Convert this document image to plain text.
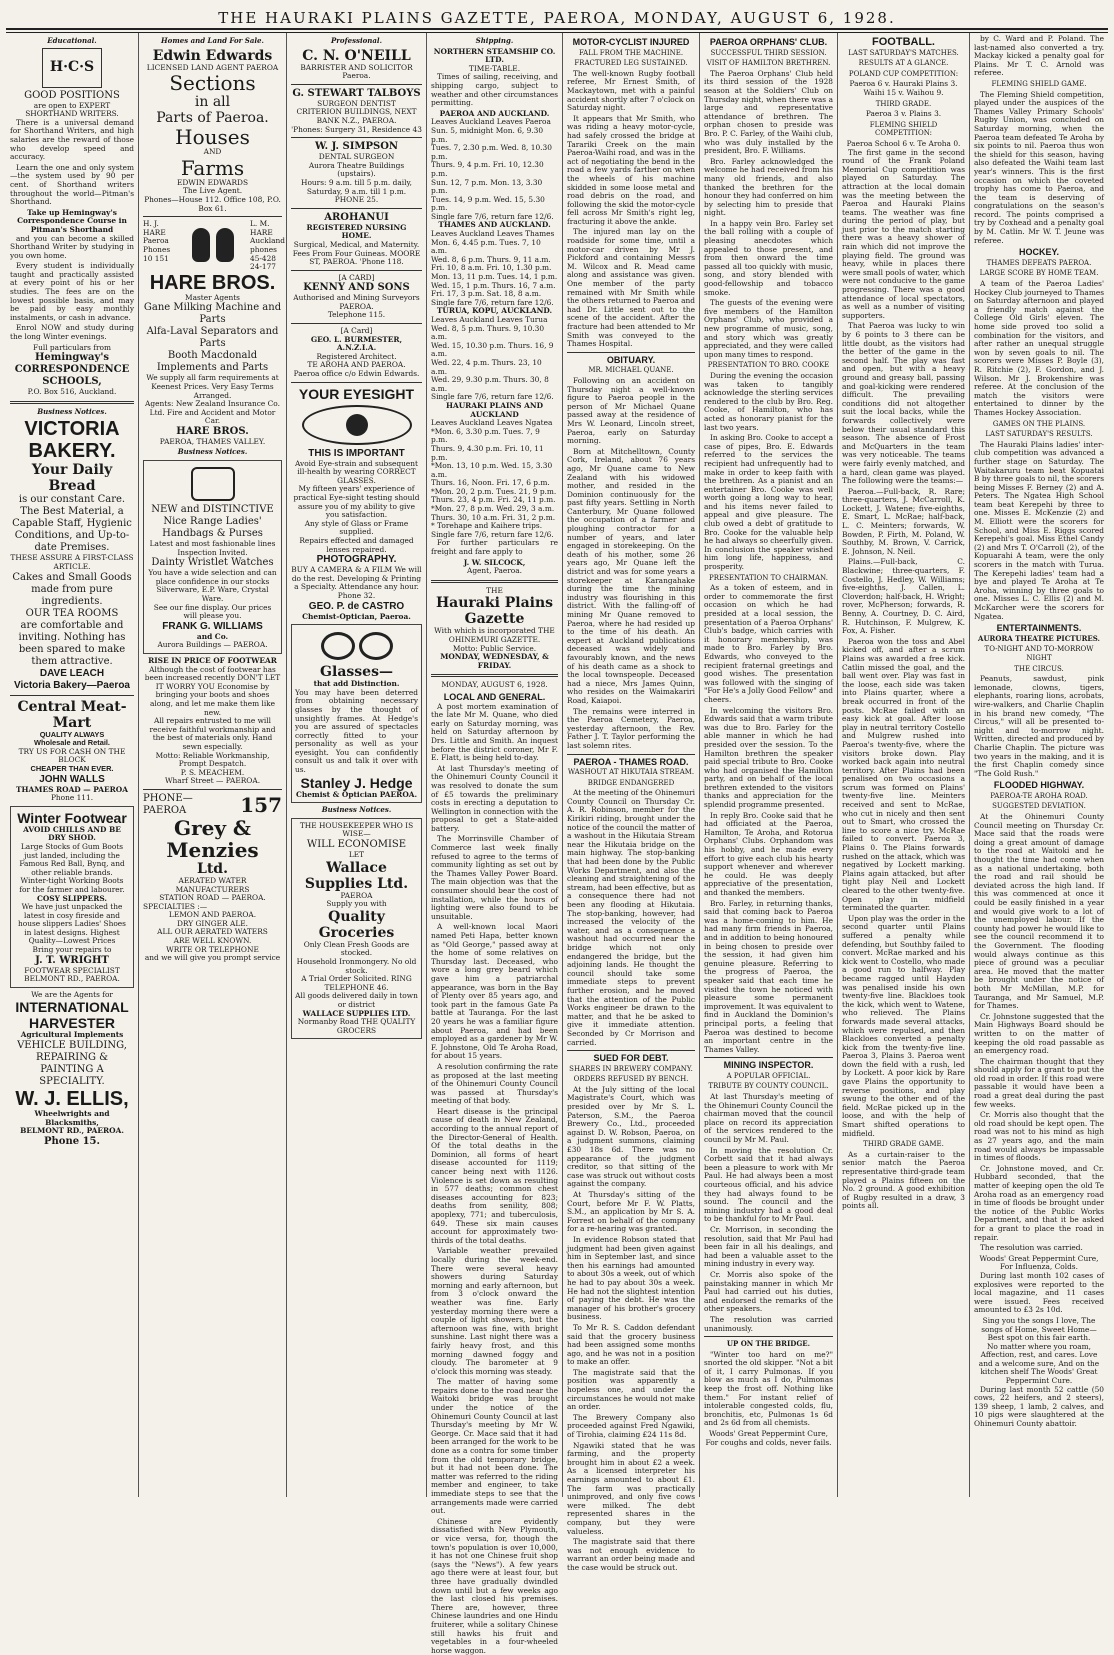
THE HAURAKI PLAINS GAZETTE, PAEROA, MONDAY, AUGUST 6, 1928.
Educational.
H·C·S
GOOD POSITIONS
are open to EXPERT SHORTHAND WRITERS.

There is a universal demand for Shorthand Writers, and high salaries are the reward of those who develop speed and accuracy.

Learn the one and only system—the system used by 90 per cent. of Shorthand writers throughout the world—Pitman's Shorthand.

Take up Hemingway's Correspondence Course in Pitman's Shorthand

and you can become a skilled Shorthand Writer by studying in you own home.

Every student is individually taught and practically assisted at every point of his or her studies. The fees are on the lowest possible basis, and may be paid by easy monthly instalments, or cash in advance.

Enrol NOW and study during the long Winter evenings.

Full particulars from
Hemingway's CORRESPONDENCE SCHOOLS,
P.O. Box 516, Auckland.
Business Notices.
VICTORIA BAKERY.
Your Daily Bread
is our constant Care.
The Best Material, a Capable Staff, Hygienic Conditions, and Up-to-date Premises.
THESE ASSURE A FIRST-CLASS ARTICLE.
Cakes and Small Goods made from pure ingredients.
OUR TEA ROOMS
are comfortable and inviting. Nothing has been spared to make them attractive.
DAVE LEACH
Victoria Bakery—Paeroa
Central Meat-Mart
QUALITY ALWAYS
Wholesale and Retail.
TRY US FOR CASH ON THE BLOCK
CHEAPER THAN EVER.
JOHN WALLS
THAMES ROAD — PAEROA
Phone 111.
Winter Footwear
AVOID CHILLS AND BE DRY SHOD.
Large Stocks of Gum Boots just landed, including the Famous Red Ball, Bynq, and other reliable brands.
Winter-tight Working Boots for the farmer and labourer.
COSY SLIPPERS.
We have just unpacked the latest in cosy fireside and house slippers Ladies' Shoes in latest designs. Highest Quality—Lowest Prices
Bring your repairs to
J. T. WRIGHT
FOOTWEAR SPECIALIST BELMONT RD., PAEROA.
We are the Agents for
INTERNATIONAL HARVESTER
Agricultural Implements
VEHICLE BUILDING, REPAIRING & PAINTING A SPECIALITY.
W. J. ELLIS,
Wheelwrights and Blacksmiths,
BELMONT RD., PAEROA.
Phone 15.
Homes and Land For Sale.
Edwin Edwards
LICENSED LAND AGENT PAEROA
Sections
in all
Parts of Paeroa.
Houses
AND
Farms
EDWIN EDWARDS
The Live Agent.
Phones—House 112. Office 108, P.O. Box 61.
H. J. HARE Paeroa Phones 10 151
L. M. HARE Auckland phones 45-428 24-177
HARE BROS.
Master Agents
Gane Milking Machine and Parts
Alfa-Laval Separators and Parts
Booth Macdonald Implements and Parts
We supply all farm requirements at Keenest Prices. Very Easy Terms Arranged.
Agents: New Zealand Insurance Co. Ltd. Fire and Accident and Motor Car.
HARE BROS.
PAEROA, THAMES VALLEY.
Business Notices.
NEW and DISTINCTIVE
Nice Range Ladies' Handbags & Purses
Latest and most fashionable lines Inspection Invited.
Dainty Wristlet Watches
You have a wide selection and can place confidence in our stocks
Silverware, E.P. Ware, Crystal Ware.
See our fine display. Our prices will please you.
FRANK G. WILLIAMS
and Co.
Aurora Buildings — PAEROA.
RISE IN PRICE OF FOOTWEAR
Although the cost of footwear has been increased recently DON'T LET IT WORRY YOU Economise by bringing your boots and shoes along, and let me make them like new.
All repairs entrusted to me will receive faithful workmanship and the best of materials only. Hand sewn especially.
Motto: Reliable Workmanship, Prompt Despatch.
P. S. MEACHEM.
Wharf Street — PAEROA.
PHONE—PAEROA	157
Grey & Menzies
Ltd.
AERATED WATER
MANUFACTURERS
STATION ROAD — PAEROA.
SPECIALTIES :—
LEMON AND PAEROA.
DRY GINGER ALE.
ALL OUR AERATED WATERS
ARE WELL KNOWN.
WRITE OR TELEPHONE
and we will give you prompt service
Professional.
C. N. O'NEILL
BARRISTER AND SOLICITOR Paeroa.
G. STEWART TALBOYS
SURGEON DENTIST
CRITERION BUILDINGS, NEXT BANK N.Z., PAEROA.
'Phones: Surgery 31, Residence 43
W. J. SIMPSON
DENTAL SURGEON
Aurora Theatre Buildings (upstairs).
Hours: 9 a.m. till 5 p.m. daily, Saturday, 9 a.m. till 1 p.m.
PHONE 25.
AROHANUI
REGISTERED NURSING HOME.
Surgical, Medical, and Maternity. Fees From Four Guineas. MOORE ST, PAEROA. 'Phone 118.
[A CARD]
KENNY AND SONS
Authorised and Mining Surveyors PAEROA.
Telephone 115.
[A Card]
GEO. L. BURMESTER, A.N.Z.I.A.
Registered Architect.
TE AROHA AND PAEROA.
Paeroa office c/o Edwin Edwards.
YOUR EYESIGHT
THIS IS IMPORTANT
Avoid Eye-strain and subsequent ill-health by wearing CORRECT GLASSES.
My fifteen years' experience of practical Eye-sight testing should assure you of my ability to give you satisfaction.
Any style of Glass or Frame supplied.
Repairs effected and damaged lenses repaired.
PHOTOGRAPHY.
BUY A CAMERA & A FILM We will do the rest. Developing & Printing a Specialty. Attendance any hour. Phone 32.
GEO. P. de CASTRO
Chemist-Optician, Paeroa.
Glasses—
that add Distinction.
You may have been deterred from obtaining necessary glasses by the thought of unsightly frames. At Hedge's you are assured of spectacles correctly fitted to your personality as well as your eyesight. You can confidently consult us and talk it over with us.
Stanley J. Hedge
Chemist & Optician PAEROA.
Business Notices.
THE HOUSEKEEPER WHO IS WISE—
WILL ECONOMISE
LET
Wallace Supplies Ltd.
PAEROA
Supply you with
Quality Groceries
Only Clean Fresh Goods are stocked.
Household Ironmongery. No old stock.
A Trial Order Solicited. RING TELEPHONE 46.
All goods delivered daily in town or district
WALLACE SUPPLIES LTD.
Normanby Road THE QUALITY GROCERS
Shipping.
NORTHERN STEAMSHIP CO. LTD.
TIME-TABLE.

Times of sailing, receiving, and shipping cargo, subject to weather and other circumstances permitting.

PAEROA AND AUCKLAND.
Leaves Auckland Leaves Paeroa
Sun. 5, midnight Mon. 6, 9.30 p.m.
Tues. 7, 2.30 p.m. Wed. 8, 10.30 p.m.
Thurs. 9, 4 p.m. Fri. 10, 12.30 p.m.
Sun. 12, 7 p.m. Mon. 13, 3.30 p.m.
Tues. 14, 9 p.m. Wed. 15, 5.30 p.m.
Single fare 7/6, return fare 12/6.
THAMES AND AUCKLAND.
Leaves Auckland Leaves Thames
Mon. 6, 4.45 p.m. Tues. 7, 10 a.m.
Wed. 8, 6 p.m. Thurs. 9, 11 a.m.
Fri. 10, 8 a.m. Fri. 10, 1.30 p.m.
Mon. 13, 11 p.m. Tues. 14, 1 p.m.
Wed. 15, 1 p.m. Thurs. 16, 7 a.m.
Fri. 17, 3 p.m. Sat. 18, 8 a.m.
Single fare 7/6, return fare 12/6.
TURUA, KOPU, AUCKLAND.
Leaves Auckland Leaves Turua
Wed. 8, 5 p.m. Thurs. 9, 10.30 a.m.
Wed. 15, 10.30 p.m. Thurs. 16, 9 a.m.
Wed. 22, 4 p.m. Thurs. 23, 10 a.m.
Wed. 29, 9.30 p.m. Thurs. 30, 8 a.m.
Single fare 7/6, return fare 12/6.
HAURAKI PLAINS AND AUCKLAND
Leaves Auckland Leaves Ngatea
*Mon. 6, 3.30 p.m. Tues. 7, 9 p.m.
Thurs. 9, 4.30 p.m. Fri. 10, 11 p.m.
*Mon. 13, 10 p.m. Wed. 15, 3.30 a.m.
Thurs. 16, Noon. Fri. 17, 6 p.m.
*Mon. 20, 2 p.m. Tues. 21, 9 p.m.
Thurs. 23, 4 p.m. Fri. 24, 11 p.m.
*Mon. 27, 8 p.m. Wed. 29, 3 a.m.
Thurs. 30, 10 a.m. Fri. 31, 2 p.m.
* Torehape and Kaihere trips.
Single fare 7/6, return fare 12/6.

For further particulars re freight and fare apply to

J. W. SILCOCK,
Agent, Paeroa.
THE
Hauraki Plains Gazette
With which is incorporated THE OHINEMURI GAZETTE.
Motto: Public Service.
MONDAY, WEDNESDAY, & FRIDAY.
MONDAY, AUGUST 6, 1928.
LOCAL AND GENERAL.

A post mortem examination of the late Mr M. Quane, who died early on Saturday morning, was held on Saturday afternoon by Drs. Little and Smith. An inquest before the district coroner, Mr F. E. Flatt, is being held to-day.

At last Thursday's meeting of the Ohinemuri County Council it was resolved to donate the sum of £5 towards the preliminary costs in erecting a deputation to Wellington in connection with the proposal to get a State-aided battery.

The Morrinsville Chamber of Commerce last week finally refused to agree to the terms of community lighting as set out by the Thames Valley Power Board. The main objection was that the consumer should bear the cost of installation, while the hours of lighting were also found to be unsuitable.

A well-known local Maori named Peti Hapa, better known as "Old George," passed away at the home of some relatives on Thursday last. Deceased, who wore a long grey beard which gave him a patriarchal appearance, was born in the Bay of Plenty over 85 years ago, and took part in the famous Gate Pa battle at Tauranga. For the last 20 years he was a familiar figure about Paeroa, and had been employed as a gardener by Mr W. F. Johnstone, Old Te Aroha Road, for about 15 years.

A resolution confirming the rate as proposed at the last meeting of the Ohinemuri County Council was passed at Thursday's meeting of that body.

Heart disease is the principal cause of death in New Zealand, according to the annual report of the Director-General of Health. Of the total deaths in the Dominion, all forms of heart disease accounted for 1119; cancer being next with 1126. Violence is set down as resulting in 577 deaths; common chest diseases accounting for 823; deaths from senility, 808; apoplexy, 771; and tuberculosis, 649. These six main causes account for approximately two-thirds of the total deaths.

Variable weather prevailed locally during the week-end. There were several heavy showers during Saturday morning and early afternoon, but from 3 o'clock onward the weather was fine. Early yesterday morning there were a couple of light showers, but the afternoon was fine, with bright sunshine. Last night there was a fairly heavy frost, and this morning dawned foggy and cloudy. The barometer at 9 o'clock this morning was steady.

The matter of having some repairs done to the road near the Waitoki bridge was brought under the notice of the Ohinemuri County Council at last Thursday's meeting by Mr W. George. Cr. Mace said that it had been arranged for the work to be done as a contra for some timber from the old temporary bridge, but it had not been done. The matter was referred to the riding member and engineer, to take immediate steps to see that the arrangements made were carried out.

Chinese are evidently dissatisfied with New Plymouth, or vice versa, for, though the town's population is over 10,000, it has not one Chinese fruit shop (says the "News"). A few years ago there were at least four, but three have gradually dwindled down until but a few weeks ago the last closed his premises. There are, however, three Chinese laundries and one Hindu fruiterer, while a solitary Chinese still hawks his fruit and vegetables in a four-wheeled horse waggon.

MOTOR-CYCLIST INJURED
FALL FROM THE MACHINE.
FRACTURED LEG SUSTAINED.

The well-known Rugby football referee, Mr Ernest Smith, of Mackaytown, met with a painful accident shortly after 7 o'clock on Saturday night.

It appears that Mr Smith, who was riding a heavy motor-cycle, had safely crossed the bridge at Tarariki Creek on the main Paeroa-Waihi road, and was in the act of negotiating the bend in the road a few yards farther on when the wheels of his machine skidded in some loose metal and road debris on the road, and following the skid the motor-cycle fell across Mr Smith's right leg, fracturing it above the ankle.

The injured man lay on the roadside for some time, until a motor-car driven by Mr J. Pickford and containing Messrs M. Wilcox and R. Mead came along and assistance was given. One member of the party remained with Mr Smith while the others returned to Paeroa and had Dr. Little sent out to the scene of the accident. After the fracture had been attended to Mr Smith was conveyed to the Thames Hospital.

OBITUARY.
MR. MICHAEL QUANE.

Following on an accident on Thursday night a well-known figure to Paeroa people in the person of Mr Michael Quane passed away at the residence of Mrs W. Leonard, Lincoln street, Paeroa, early on Saturday morning.

Born at Mitchelltown, County Cork, Ireland, about 76 years ago, Mr Quane came to New Zealand with his widowed mother, and resided in the Dominion continuously for the past fifty years. Settling in North Canterbury, Mr Quane followed the occupation of a farmer and ploughing contractor for a number of years, and later engaged in storekeeping. On the death of his mother, some 26 years ago, Mr Quane left the district and was for some years a storekeeper at Karangahake during the time the mining industry was flourishing in this district. With the falling-off of mining Mr Quane removed to Paeroa, where he had resided up to the time of his death. An expert at Auckland publications deceased was widely and favourably known, and the news of his death came as a shock to the local townspeople. Deceased had a niece, Mrs James Quinn, who resides on the Waimakariri Road, Kaiapoi.

The remains were interred in the Paeroa Cemetery, Paeroa, yesterday afternoon, the Rev. Father J. T. Taylor performing the last solemn rites.

PAEROA - THAMES ROAD.
WASHOUT AT HIKUTAIA STREAM.
BRIDGE ENDANGERED

At the meeting of the Ohinemuri County Council on Thursday Cr. A. R. Robinson, member for the Kirikiri riding, brought under the notice of the council the matter of a washout in the Hikutaia Stream near the Hikutaia bridge on the main highway. The stop-banking that had been done by the Public Works Department, and also the cleaning and straightening of the stream, had been effective, but as a consequence there had not been any flooding at Hikutaia. The stop-banking, however, had increased the velocity of the water, and as a consequence a washout had occurred near the bridge which not only endangered the bridge, but the adjoining lands. He thought the council should take some immediate steps to prevent further erosion, and he moved that the attention of the Public Works engineer be drawn to the matter, and that he be asked to give it immediate attention. Seconded by Cr Morrison and carried.

SUED FOR DEBT.
SHARES IN BREWERY COMPANY.
ORDERS REFUSED BY BENCH.

At the July sitting of the local Magistrate's Court, which was presided over by Mr S. L. Paterson, S.M., the Paeroa Brewery Co., Ltd., proceeded against D. W. Robson, Paeroa, on a judgment summons, claiming £30 18s 6d. There was no appearance of the judgment creditor, so that sitting of the case was struck out without costs against the company.

At Thursday's sitting of the Court, before Mr F. W. Platts, S.M., an application by Mr S. A. Forrest on behalf of the company for a re-hearing was granted.

In evidence Robson stated that judgment had been given against him in September last, and since then his earnings had amounted to about 30s a week, out of which he had to pay about 30s a week. He had not the slightest intention of paying the debt. He was the manager of his brother's grocery business.

To Mr R. S. Caddon defendant said that the grocery business had been assigned some months ago, and he was not in a position to make an offer.

The magistrate said that the position was apparently a hopeless one, and under the circumstances he would not make an order.

The Brewery Company also proceeded against Fred Ngawiki, of Tirohia, claiming £24 11s 8d.

Ngawiki stated that he was farming, and the property brought him in about £2 a week. As a licensed interpreter his earnings amounted to about £1. The farm was practically unimproved, and only five cows were milked. The debt represented shares in the company, but they were valueless.

The magistrate said that there was not enough evidence to warrant an order being made and the case would be struck out.

PAEROA ORPHANS' CLUB.
SUCCESSFUL THIRD SESSION.
VISIT OF HAMILTON BRETHREN.

The Paeroa Orphans' Club held its third session of the 1928 season at the Soldiers' Club on Thursday night, when there was a large and representative attendance of brethren. The orphan chosen to preside was Bro. P. C. Farley, of the Waihi club, who was duly installed by the president, Bro. F. Williams.

Bro. Farley acknowledged the welcome he had received from his many old friends, and also thanked the brethren for the honour they had conferred on him by selecting him to preside that night.

In a happy vein Bro. Farley set the ball rolling with a couple of pleasing anecdotes which appealed to those present, and from then onward the time passed all too quickly with music, song, and story blended with good-fellowship and tobacco smoke.

The guests of the evening were five members of the Hamilton Orphans' Club, who provided a new programme of music, song, and story which was greatly appreciated, and they were called upon many times to respond.

PRESENTATION TO BRO. COOKE

During the evening the occasion was taken to tangibly acknowledge the sterling services rendered to the club by Bro. Reg. Cooke, of Hamilton, who has acted as honorary pianist for the last two years.

In asking Bro. Cooke to accept a case of pipes, Bro. E. Edwards referred to the services the recipient had unfrequently had to make in order to keep faith with the brethren. As a pianist and an entertainer Bro. Cooke was well worth going a long way to hear, and his items never failed to appeal and give pleasure. The club owed a debt of gratitude to Bro. Cooke for the valuable help he had always so cheerfully given. In conclusion the speaker wished him long life, happiness, and prosperity.

PRESENTATION TO CHAIRMAN.

As a token of esteem, and in order to commemorate the first occasion on which he had presided at a local session, the presentation of a Paeroa Orphans' Club's badge, which carries with it honorary membership, was made to Bro. Farley by Bro. Edwards, who conveyed to the recipient fraternal greetings and good wishes. The presentation was followed with the singing of "For He's a Jolly Good Fellow" and cheers.

In welcoming the visitors Bro. Edwards said that a warm tribute was due to Bro. Farley for the able manner in which he had presided over the session. To the Hamilton brethren the speaker paid special tribute to Bro. Cooke who had organised the Hamilton party, and on behalf of the local brethren extended to the visitors thanks and appreciation for the splendid programme presented.

In reply Bro. Cooke said that he had officiated at the Paeroa, Hamilton, Te Aroha, and Rotorua Orphans' Clubs. Orphandom was his hobby, and he made every effort to give each club his hearty support whenever and wherever he could. He was deeply appreciative of the presentation, and thanked the members.

Bro. Farley, in returning thanks, said that coming back to Paeroa was a home-coming to him. He had many firm friends in Paeroa, and in addition to being honoured in being chosen to preside over the session, it had given him genuine pleasure. Referring to the progress of Paeroa, the speaker said that each time he visited the town he noticed with pleasure some permanent improvement. It was equivalent to find in Auckland the Dominion's principal ports, a feeling that Paeroa was destined to become an important centre in the Thames Valley.

MINING INSPECTOR.
A POPULAR OFFICIAL.
TRIBUTE BY COUNTY COUNCIL.

At last Thursday's meeting of the Ohinemuri County Council the chairman moved that the council place on record its appreciation of the services rendered to the council by Mr M. Paul.

In moving the resolution Cr. Corbett said that it had always been a pleasure to work with Mr Paul. He had always been a most courteous official, and his advice they had always found to be sound. The council and the mining industry had a good deal to be thankful for to Mr Paul.

Cr. Morrison, in seconding the resolution, said that Mr Paul had been fair in all his dealings, and had been a valuable asset to the mining industry in every way.

Cr. Morris also spoke of the painstaking manner in which Mr Paul had carried out his duties, and endorsed the remarks of the other speakers.

The resolution was carried unanimously.

UP ON THE BRIDGE.

"Winter too hard on me?" snorted the old skipper. "Not a bit of it, I carry Pulmonas. If you blow as much as I do, Pulmonas keep the frost off. Nothing like them." For instant relief of intolerable congested colds, flu, bronchitis, etc, Pulmonas 1s 6d and 2s 6d from all chemists.

Woods' Great Peppermint Cure, For coughs and colds, never fails.
FOOTBALL.
LAST SATURDAY'S MATCHES.
RESULTS AT A GLANCE.
POLAND CUP COMPETITION:
Paeroa 6 v. Hauraki Plains 3. Waihi 15 v. Waihou 9.
THIRD GRADE.
Paeroa 3 v. Plains 3.
FLEMING SHIELD COMPETITION:
Paeroa School 6 v. Te Aroha 0.

The first game in the second round of the Frank Poland Memorial Cup competition was played on Saturday. The attraction at the local domain was the meeting between the Paeroa and Hauraki Plains teams. The weather was fine during the period of play, but just prior to the match starting there was a heavy shower of rain which did not improve the playing field. The ground was heavy, while in places there were small pools of water, which were not conducive to the game progressing. There was a good attendance of local spectators, as well as a number of visiting supporters.

That Paeroa was lucky to win by 6 points to 3 there can be little doubt, as the visitors had the better of the game in the second half. The play was fast and open, but with a heavy ground and greasy ball, passing and goal-kicking were rendered difficult. The prevailing conditions did not altogether suit the local backs, while the forwards collectively were below their usual standard this season. The absence of Frost and McQuarters in the team was very noticeable. The teams were fairly evenly matched, and a hard, clean game was played. The following were the teams:—

Paeroa.—Full-back, R. Rare; three-quarters, J. McCarroll, K. Lockett, J. Watene; five-eighths, E. Smart, L. McRae; half-back, L. C. Meinters; forwards, W. Bowden, P. Firth, M. Poland, W. Southby, M. Brown, V. Carrick, E. Johnson, N. Neil.

Plains.—Full-back, C. Blackwine; three-quarters, F. Costello, J. Hedley, W. Williams; five-eighths, J. Callen, L. Cloverdon; half-back, H. Wright; rover, McPherson; forwards, R. Benny, A. Courtney, D. C. Aird, R. Hutchinson, F. Mulgrew, K. Fox, A. Fisher.

Paeroa won the toss and Abel kicked off, and after a scrum Plains was awarded a free kick. Catlin missed the goal, and the ball went over. Play was fast in the loose, each side was taken into Plains quarter, where a break occurred in front of the posts. McRae failed with an easy kick at goal. After loose play in neutral territory Costello and Mulgrew rushed into Paeroa's twenty-five, where the visitors broke down. Play worked back again into neutral territory. After Plains had been penalised on two occasions a scrum was formed on Plains' twenty-five line. Meinters received and sent to McRae, who cut in nicely and then sent out to Smart, who crossed the line to score a nice try. McRae failed to convert. Paeroa 3, Plains 0. The Plains forwards rushed on the attack, which was negatived by Lockett marking. Plains again attacked, but after tight play Neil and Lockett cleared to the other twenty-five. Open play in midfield terminated the quarter.

Upon play was the order in the second quarter until Plains suffered a penalty while defending, but Southby failed to convert. McRae marked and his kick went to Costello, who made a good run to halfway. Play became ragged until Hayden was penalised inside his own twenty-five line. Blackloes took the kick, which went to Watene, who relieved. The Plains forwards made several attacks, which were repulsed, and then Blackloes converted a penalty kick from the twenty-five line. Paeroa 3, Plains 3. Paeroa went down the field with a rush, led by Lockett. A poor kick by Rare gave Plains the opportunity to reverse positions, and play swung to the other end of the field. McRae picked up in the loose, and with the help of Smart shifted operations to midfield.

THIRD GRADE GAME.

As a curtain-raiser to the senior match the Paeroa representative third-grade team played a Plains fifteen on the No. 2 ground. A good exhibition of Rugby resulted in a draw, 3 points all.

by C. Ward and P. Poland. The last-named also converted a try. Mackay kicked a penalty goal for Plains. Mr T. C. Arnold was referee.

FLEMING SHIELD GAME.

The Fleming Shield competition, played under the auspices of the Thames Valley Primary Schools' Rugby Union, was concluded on Saturday morning, when the Paeroa team defeated Te Aroha by six points to nil. Paeroa thus won the shield for this season, having also defeated the Waihi team last year's winners. This is the first occasion on which the coveted trophy has come to Paeroa, and the team is deserving of congratulations on the season's record. The points comprised a try by Coxhead and a penalty goal by M. Catlin. Mr W. T. Jeune was referee.

HOCKEY.
THAMES DEFEATS PAEROA.
LARGE SCORE BY HOME TEAM.

A team of the Paeroa Ladies' Hockey Club journeyed to Thames on Saturday afternoon and played a friendly match against the College Old Girls' eleven. The home side proved too solid a combination for the visitors, and after rather an unequal struggle won by seven goals to nil. The scorers were Misses P. Boyle (3), R. Ritchie (2), F. Gordon, and J. Wilson. Mr J. Brokenshire was referee. At the conclusion of the match the visitors were entertained to dinner by the Thames Hockey Association.

GAMES ON THE PLAINS.
LAST SATURDAY'S RESULTS.

The Hauraki Plains ladies' inter-club competition was advanced a further stage on Saturday. The Waitakaruru team beat Kopuatai B by three goals to nil, the scorers being Misses F. Berney (2) and A. Peters. The Ngatea High School team beat Kerepehi by three to one. Misses E. McKenzie (2) and M. Elliott were the scorers for School, and Miss E. Riggs scored Kerepehi's goal. Miss Ethel Candy (2) and Mrs T. O'Carroll (2), of the Kopuarahi A team, were the only scorers in the match with Turua. The Kerepehi ladies' team had a bye and played Te Aroha at Te Aroha, winning by three goals to one. Misses L. C. Ellis (2) and M. McKarcher were the scorers for Ngatea.

ENTERTAINMENTS.
AURORA THEATRE PICTURES.
TO-NIGHT AND TO-MORROW NIGHT
THE CIRCUS.

Peanuts, sawdust, pink lemonade, clowns, tigers, elephants, roaring lions, acrobats, wire-walkers, and Charlie Chaplin in his brand new comedy, "The Circus," will all be presented to-night and to-morrow night. Written, directed and produced by Charlie Chaplin. The picture was two years in the making, and it is the first Chaplin comedy since "The Gold Rush."

FLOODED HIGHWAY.
PAEROA-TE AROHA ROAD.
SUGGESTED DEVIATION.

At the Ohinemuri County Council meeting on Thursday Cr. Mace said that the roads were doing a great amount of damage to the road at Waitoki and he thought the time had come when as a national undertaking, both the road and rail should be deviated across the high land. If this was commenced at once it could be easily finished in a year and would give work to a lot of the unemployed labour. If the county had power he would like to see the council recommend it to the Government. The flooding would always continue as this piece of ground was a peculiar area. He moved that the matter be brought under the notice of both Mr McMillan, M.P. for Tauranga, and Mr Samuel, M.P. for Thames.

Cr. Johnstone suggested that the Main Highways Board should be written to on the matter of keeping the old road passable as an emergency road.

The chairman thought that they should apply for a grant to put the old road in order. If this road were passable it would have been a road a great deal during the past few weeks.

Cr. Morris also thought that the old road should be kept open. The road was not to his mind as high as 27 years ago, and the main road would always be impassable in times of floods.

Cr. Johnstone moved, and Cr. Hubbard seconded, that the matter of keeping open the old Te Aroha road as an emergency road in time of floods be brought under the notice of the Public Works Department, and that it be asked for a grant to place the road in repair.

The resolution was carried.

Woods' Great Peppermint Cure, For Influenza, Colds.

During last month 102 cases of explosives were reported to the local magazine, and 11 cases were issued. Fees received amounted to £3 2s 10d.

Sing you the songs I love, The songs of Home, Sweet Home—Best spot on this fair earth.
No matter where you roam, Affection, rest, and cares. Love and a welcome sure, And on the kitchen shelf The Woods' Great Peppermint Cure.

During last month 52 cattle (50 cows, 22 heifers, and 2 steers), 139 sheep, 1 lamb, 2 calves, and 10 pigs were slaughtered at the Ohinemuri County abattoir.
